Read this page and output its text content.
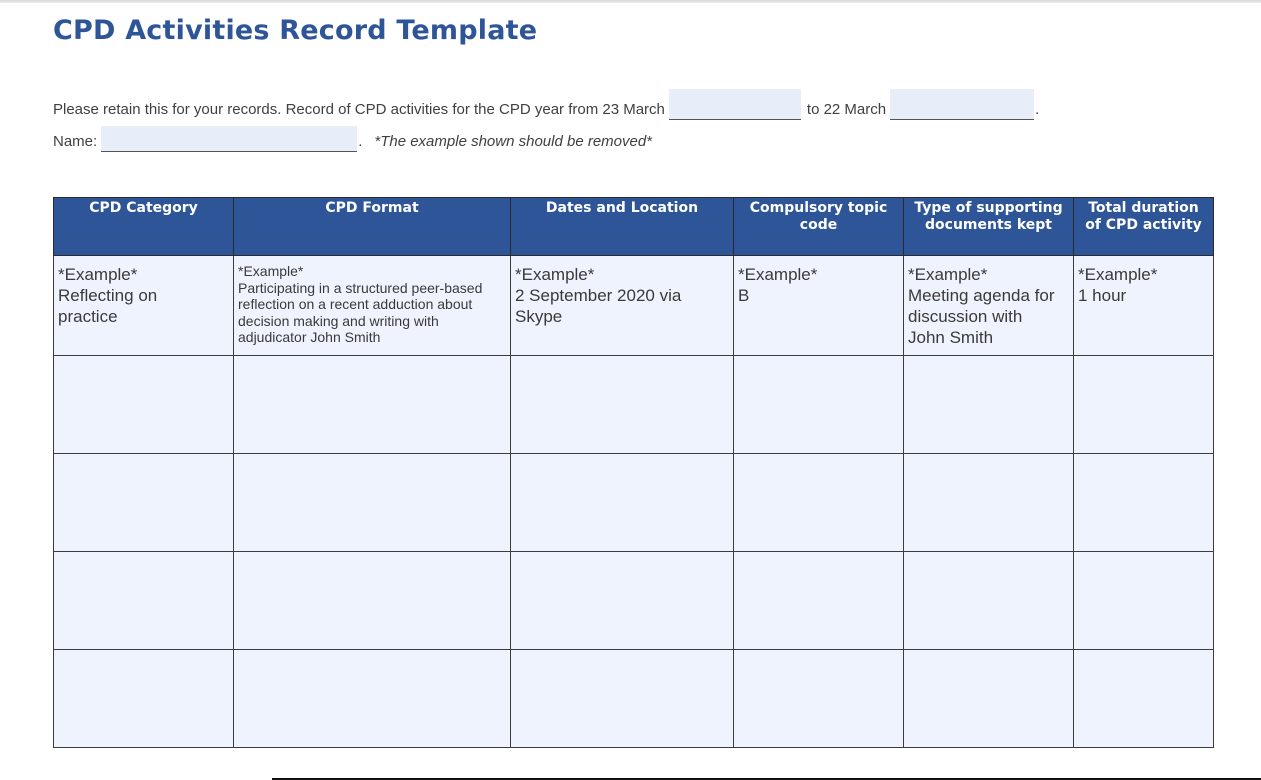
CPD Activities Record Template
Please retain this for your records. Record of CPD activities for the CPD year from 23 March	to 22 March	.
Name:	. *The example shown should be removed*
CPD Category	CPD Format	Dates and Location	Compulsory topic code	Type of supporting documents kept	Total duration of CPD activity

*Example*
Reflecting on
practice	*Example*
Participating in a structured peer-based
reflection on a recent adduction about
decision making and writing with
adjudicator John Smith	*Example*
2 September 2020 via
Skype	*Example*
B	*Example*
Meeting agenda for
discussion with
John Smith	*Example*
1 hour
